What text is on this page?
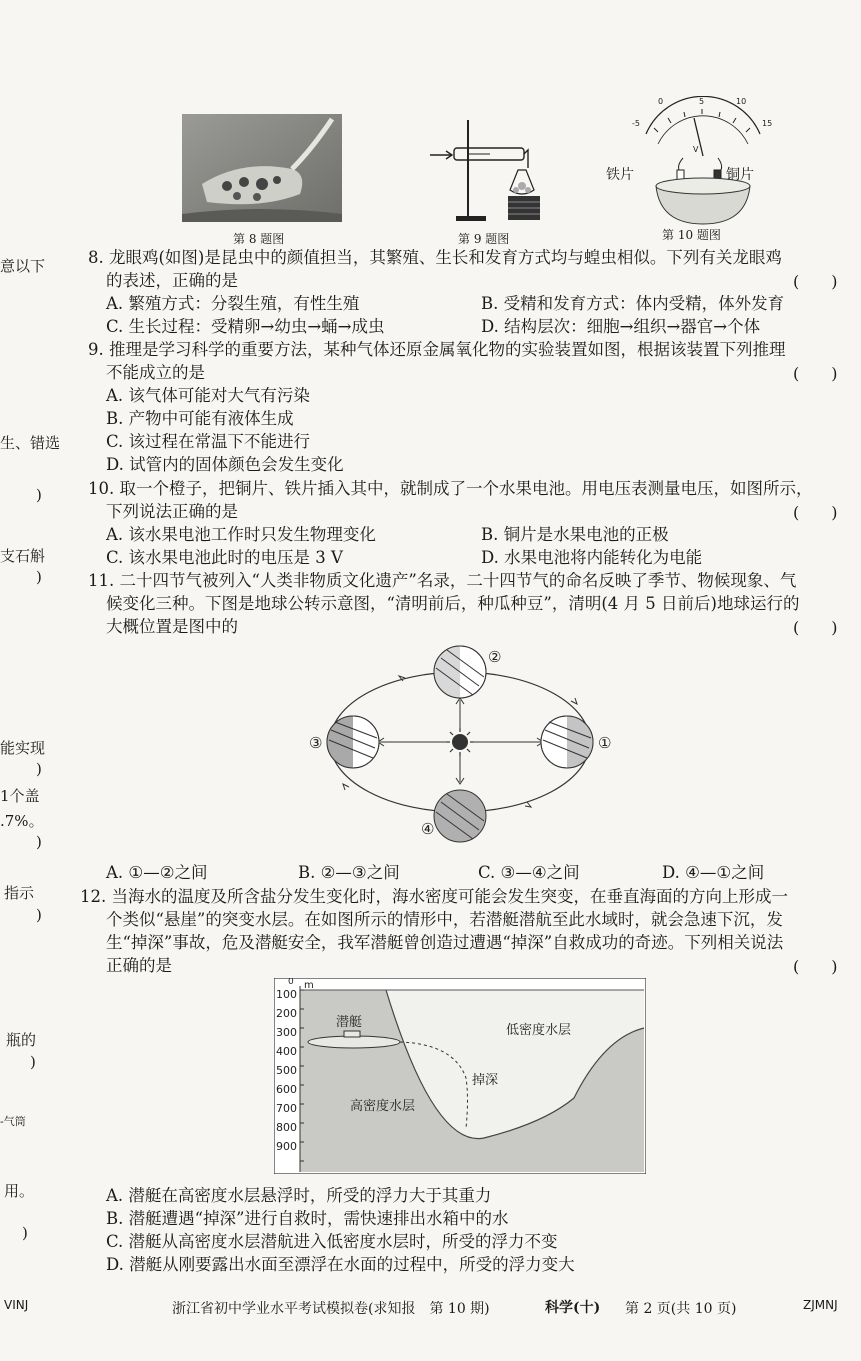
意以下
生、错选
)
支石斛
)
能实现
)
1个盖
.7%。
)
指示
)
瓶的
)
-气筒
用。
)
第 8 题图	第 9 题图
V
0	5	10
-5	15
铁片	铜片
第 10 题图
8. 龙眼鸡(如图)是昆虫中的颜值担当，其繁殖、生长和发育方式均与蝗虫相似。下列有关龙眼鸡
的表述，正确的是	(　　)
A. 繁殖方式：分裂生殖，有性生殖	B. 受精和发育方式：体内受精，体外发育
C. 生长过程：受精卵→幼虫→蛹→成虫	D. 结构层次：细胞→组织→器官→个体
9. 推理是学习科学的重要方法，某种气体还原金属氧化物的实验装置如图，根据该装置下列推理
不能成立的是	(　　)
A. 该气体可能对大气有污染
B. 产物中可能有液体生成
C. 该过程在常温下不能进行
D. 试管内的固体颜色会发生变化
10. 取一个橙子，把铜片、铁片插入其中，就制成了一个水果电池。用电压表测量电压，如图所示，
下列说法正确的是	(　　)
A. 该水果电池工作时只发生物理变化	B. 铜片是水果电池的正极
C. 该水果电池此时的电压是 3 V	D. 水果电池将内能转化为电能
11. 二十四节气被列入“人类非物质文化遗产”名录，二十四节气的命名反映了季节、物候现象、气
候变化三种。下图是地球公转示意图，“清明前后，种瓜种豆”，清明(4 月 5 日前后)地球运行的
大概位置是图中的	(　　)
②
③	①
④
A. ①—②之间	B. ②—③之间	C. ③—④之间	D. ④—①之间
12. 当海水的温度及所含盐分发生变化时，海水密度可能会发生突变，在垂直海面的方向上形成一
个类似“悬崖”的突变水层。在如图所示的情形中，若潜艇潜航至此水域时，就会急速下沉，发
生“掉深”事故，危及潜艇安全，我军潜艇曾创造过遭遇“掉深”自救成功的奇迹。下列相关说法
正确的是	(　　)
m
100
200
300
400
500
600
700
800
900
0
潜艇
低密度水层
高密度水层
掉深
A. 潜艇在高密度水层悬浮时，所受的浮力大于其重力
B. 潜艇遭遇“掉深”进行自救时，需快速排出水箱中的水
C. 潜艇从高密度水层潜航进入低密度水层时，所受的浮力不变
D. 潜艇从刚要露出水面至漂浮在水面的过程中，所受的浮力变大
VINJ	浙江省初中学业水平考试模拟卷(求知报　第 10 期)	科学(十) 第 2 页(共 10 页)	ZJMNJ
